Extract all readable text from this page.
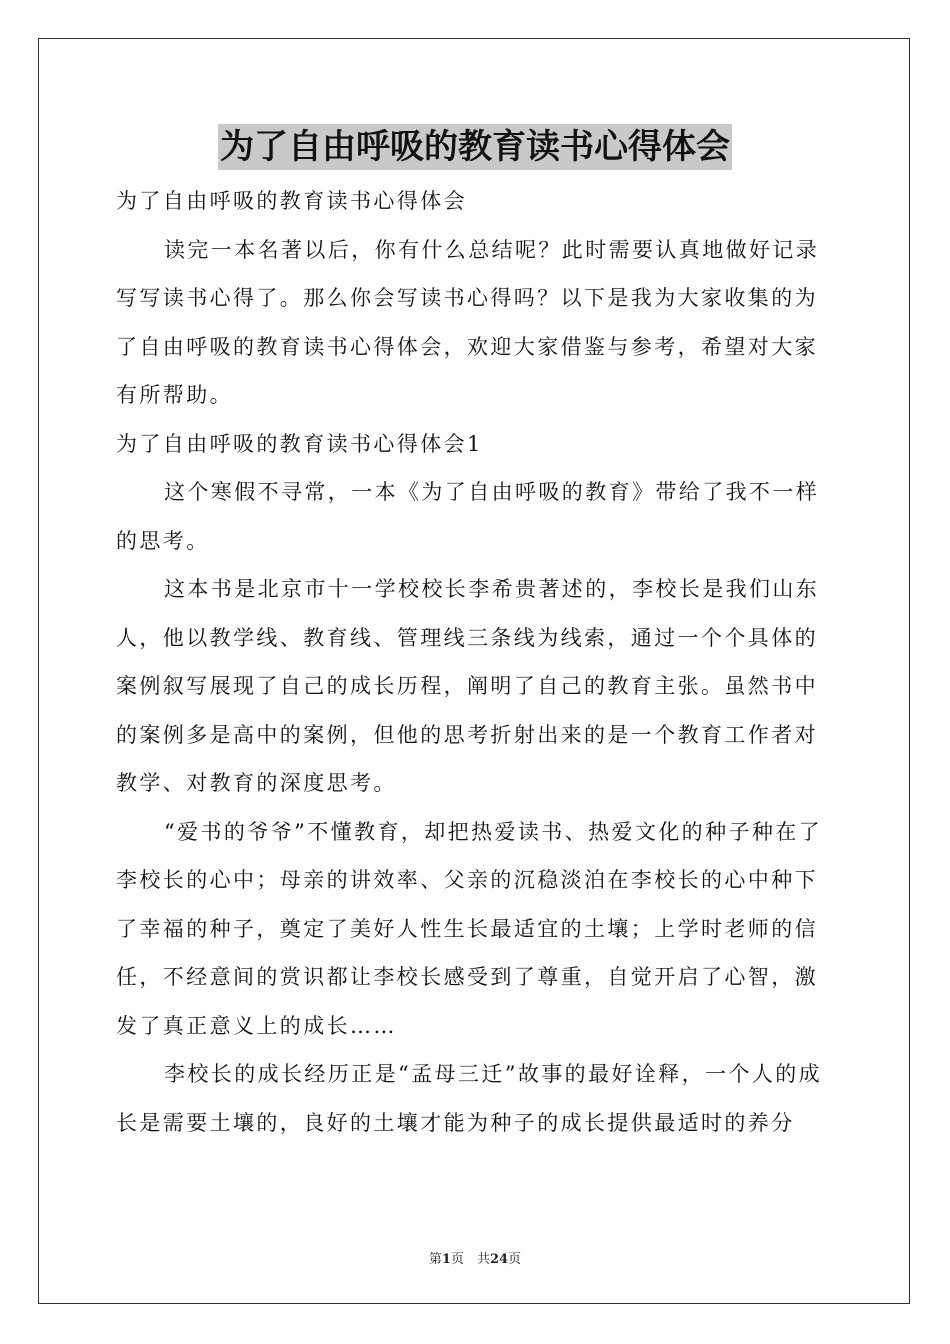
为了自由呼吸的教育读书心得体会

为了自由呼吸的教育读书心得体会

读完一本名著以后，你有什么总结呢？此时需要认真地做好记录写写读书心得了。那么你会写读书心得吗？以下是我为大家收集的为了自由呼吸的教育读书心得体会，欢迎大家借鉴与参考，希望对大家有所帮助。

为了自由呼吸的教育读书心得体会1

这个寒假不寻常，一本《为了自由呼吸的教育》带给了我不一样的思考。

这本书是北京市十一学校校长李希贵著述的，李校长是我们山东人，他以教学线、教育线、管理线三条线为线索，通过一个个具体的案例叙写展现了自己的成长历程，阐明了自己的教育主张。虽然书中的案例多是高中的案例，但他的思考折射出来的是一个教育工作者对教学、对教育的深度思考。

“爱书的爷爷”不懂教育，却把热爱读书、热爱文化的种子种在了李校长的心中；母亲的讲效率、父亲的沉稳淡泊在李校长的心中种下了幸福的种子，奠定了美好人性生长最适宜的土壤；上学时老师的信任，不经意间的赏识都让李校长感受到了尊重，自觉开启了心智，激发了真正意义上的成长……

李校长的成长经历正是“孟母三迁”故事的最好诠释，一个人的成长是需要土壤的，良好的土壤才能为种子的成长提供最适时的养分

第1页　共24页
